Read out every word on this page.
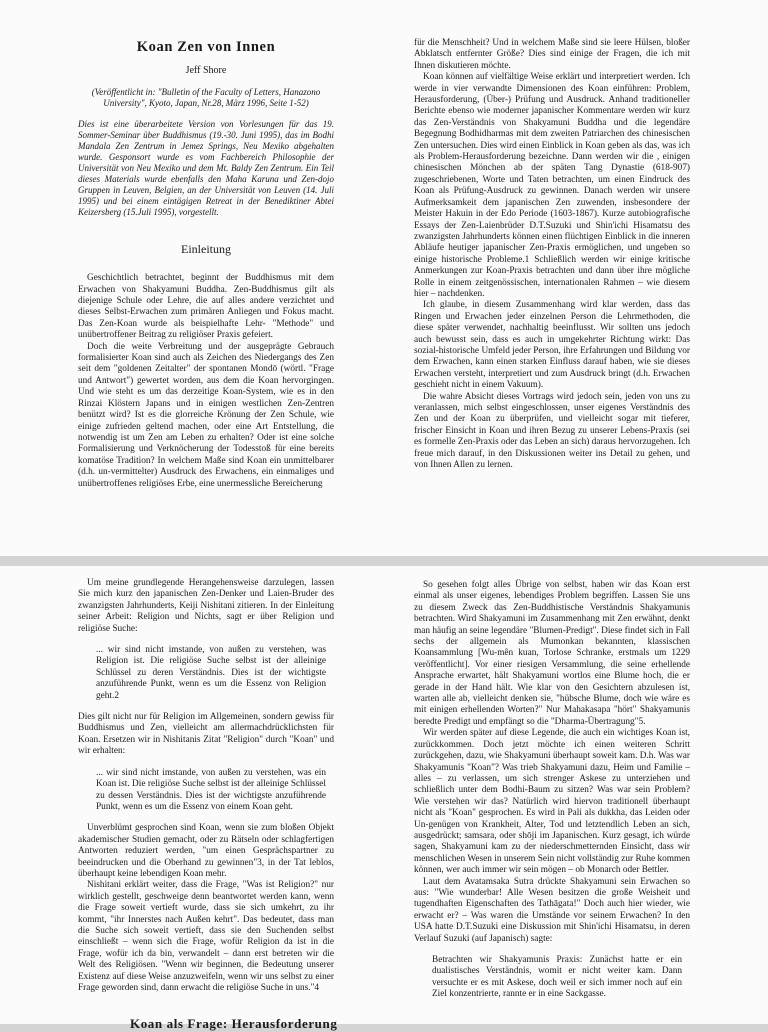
Koan Zen von Innen
Jeff Shore
(Veröffentlicht in: "Bulletin of the Faculty of Letters, Hanazono University", Kyoto, Japan, Nr.28, März 1996, Seite 1-52)
Dies ist eine überarbeitete Version von Vorlesungen für das 19. Sommer-Seminar über Buddhismus (19.-30. Juni 1995), das im Bodhi Mandala Zen Zentrum in Jemez Springs, Neu Mexiko abgehalten wurde. Gesponsort wurde es vom Fachbereich Philosophie der Universität von Neu Mexiko und dem Mt. Baldy Zen Zentrum. Ein Teil dieses Materials wurde ebenfalls den Maha Karuna und Zen-dojo Gruppen in Leuven, Belgien, an der Universität von Leuven (14. Juli 1995) und bei einem eintägigen Retreat in der Benediktiner Abtei Keizersberg (15.Juli 1995), vorgestellt.
Einleitung

Geschichtlich betrachtet, beginnt der Buddhismus mit dem Erwachen von Shakyamuni Buddha. Zen-Buddhismus gilt als diejenige Schule oder Lehre, die auf alles andere verzichtet und dieses Selbst-Erwachen zum primären Anliegen und Fokus macht. Das Zen-Koan wurde als beispielhafte Lehr- "Methode" und unübertroffener Beitrag zu religiöser Praxis gefeiert.

Doch die weite Verbreitung und der ausgeprägte Gebrauch formalisierter Koan sind auch als Zeichen des Niedergangs des Zen seit dem "goldenen Zeitalter" der spontanen Mondō (wörtl. "Frage und Antwort") gewertet worden, aus dem die Koan hervorgingen. Und wie steht es um das derzeitige Koan-System, wie es in den Rinzai Klöstern Japans und in einigen westlichen Zen-Zentren benützt wird? Ist es die glorreiche Krönung der Zen Schule, wie einige zufrieden geltend machen, oder eine Art Entstellung, die notwendig ist um Zen am Leben zu erhalten? Oder ist eine solche Formalisierung und Verknöcherung der Todesstoß für eine bereits komatöse Tradition? In welchem Maße sind Koan ein unmittelbarer (d.h. un-vermittelter) Ausdruck des Erwachens, ein einmaliges und unübertroffenes religiöses Erbe, eine unermessliche Bereicherung

für die Menschheit? Und in welchem Maße sind sie leere Hülsen, bloßer Abklatsch entfernter Größe? Dies sind einige der Fragen, die ich mit Ihnen diskutieren möchte.

Koan können auf vielfältige Weise erklärt und interpretiert werden. Ich werde in vier verwandte Dimensionen des Koan einführen: Problem, Herausforderung, (Über-) Prüfung und Ausdruck. Anhand traditioneller Berichte ebenso wie moderner japanischer Kommentare werden wir kurz das Zen-Verständnis von Shakyamuni Buddha und die legendäre Begegnung Bodhidharmas mit dem zweiten Patriarchen des chinesischen Zen untersuchen. Dies wird einen Einblick in Koan geben als das, was ich als Problem-Herausforderung bezeichne. Dann werden wir die , einigen chinesischen Mönchen ab der späten Tang Dynastie (618-907) zugeschriebenen, Worte und Taten betrachten, um einen Eindruck des Koan als Prüfung-Ausdruck zu gewinnen. Danach werden wir unsere Aufmerksamkeit dem japanischen Zen zuwenden, insbesondere der Meister Hakuin in der Edo Periode (1603-1867). Kurze autobiografische Essays der Zen-Laienbrüder D.T.Suzuki und Shin'ichi Hisamatsu des zwanzigsten Jahrhunderts können einen flüchtigen Einblick in die inneren Abläufe heutiger japanischer Zen-Praxis ermöglichen, und ungeben so einige historische Probleme.1 Schließlich werden wir einige kritische Anmerkungen zur Koan-Praxis betrachten und dann über ihre mögliche Rolle in einem zeitgenössischen, internationalen Rahmen – wie diesem hier – nachdenken.

Ich glaube, in diesem Zusammenhang wird klar werden, dass das Ringen und Erwachen jeder einzelnen Person die Lehrmethoden, die diese später verwendet, nachhaltig beeinflusst. Wir sollten uns jedoch auch bewusst sein, dass es auch in umgekehrter Richtung wirkt: Das sozial-historische Umfeld jeder Person, ihre Erfahrungen und Bildung vor dem Erwachen, kann einen starken Einfluss darauf haben, wie sie dieses Erwachen versteht, interpretiert und zum Ausdruck bringt (d.h. Erwachen geschieht nicht in einem Vakuum).

Die wahre Absicht dieses Vortrags wird jedoch sein, jeden von uns zu veranlassen, mich selbst eingeschlossen, unser eigenes Verständnis des Zen und der Koan zu überprüfen, und vielleicht sogar mit tieferer, frischer Einsicht in Koan und ihren Bezug zu unserer Lebens-Praxis (sei es formelle Zen-Praxis oder das Leben an sich) daraus hervorzugehen. Ich freue mich darauf, in den Diskussionen weiter ins Detail zu gehen, und von Ihnen Allen zu lernen.

Um meine grundlegende Herangehensweise darzulegen, lassen Sie mich kurz den japanischen Zen-Denker und Laien-Bruder des zwanzigsten Jahrhunderts, Keiji Nishitani zitieren. In der Einleitung seiner Arbeit: Religion und Nichts, sagt er über Religion und religiöse Suche:

... wir sind nicht imstande, von außen zu verstehen, was Religion ist. Die religiöse Suche selbst ist der alleinige Schlüssel zu deren Verständnis. Dies ist der wichtigste anzuführende Punkt, wenn es um die Essenz von Religion geht.2

Dies gilt nicht nur für Religion im Allgemeinen, sondern gewiss für Buddhismus und Zen, vielleicht am allermachdrücklichsten für Koan. Ersetzen wir in Nishitanis Zitat "Religion" durch "Koan" und wir erhalten:

... wir sind nicht imstande, von außen zu verstehen, was ein Koan ist. Die religiöse Suche selbst ist der alleinige Schlüssel zu dessen Verständnis. Dies ist der wichtigste anzuführende Punkt, wenn es um die Essenz von einem Koan geht.

Unverblümt gesprochen sind Koan, wenn sie zum bloßen Objekt akademischer Studien gemacht, oder zu Rätseln oder schlagfertigen Antworten reduziert werden, "um einen Gesprächspartner zu beeindrucken und die Oberhand zu gewinnen"3, in der Tat leblos, überhaupt keine lebendigen Koan mehr.

Nishitani erklärt weiter, dass die Frage, "Was ist Religion?" nur wirklich gestellt, geschweige denn beantwortet werden kann, wenn die Frage soweit vertieft wurde, dass sie sich umkehrt, zu ihr kommt, "ihr Innerstes nach Außen kehrt". Das bedeutet, dass man die Suche sich soweit vertieft, dass sie den Suchenden selbst einschließt – wenn sich die Frage, wofür Religion da ist in die Frage, wofür ich da bin, verwandelt – dann erst betreten wir die Welt des Religiösen. "Wenn wir beginnen, die Bedeutung unserer Existenz auf diese Weise anzuzweifeln, wenn wir uns selbst zu einer Frage geworden sind, dann erwacht die religiöse Suche in uns."4

So gesehen folgt alles Übrige von selbst, haben wir das Koan erst einmal als unser eigenes, lebendiges Problem begriffen. Lassen Sie uns zu diesem Zweck das Zen-Buddhistische Verständnis Shakyamunis betrachten. Wird Shakyamuni im Zusammenhang mit Zen erwähnt, denkt man häufig an seine legendäre "Blumen-Predigt". Diese findet sich in Fall sechs der allgemein als Mumonkan bekannten, klassischen Koansammlung [Wu-mên kuan, Torlose Schranke, erstmals um 1229 veröffentlicht]. Vor einer riesigen Versammlung, die seine erhellende Ansprache erwartet, hält Shakyamuni wortlos eine Blume hoch, die er gerade in der Hand hält. Wie klar von den Gesichtern abzulesen ist, warten alle ab, vielleicht denken sie, "hübsche Blume, doch wie wäre es mit einigen erhellenden Worten?" Nur Mahakasapa "hört" Shakyamunis beredte Predigt und empfängt so die "Dharma-Übertragung"5.

Wir werden später auf diese Legende, die auch ein wichtiges Koan ist, zurückkommen. Doch jetzt möchte ich einen weiteren Schritt zurückgehen, dazu, wie Shakyamuni überhaupt soweit kam. D.h. Was war Shakyamunis "Koan"? Was trieb Shakyamuni dazu, Heim und Familie – alles – zu verlassen, um sich strenger Askese zu unterziehen und schließlich unter dem Bodhi-Baum zu sitzen? Was war sein Problem? Wie verstehen wir das? Natürlich wird hiervon traditionell überhaupt nicht als "Koan" gesprochen. Es wird in Pali als dukkha, das Leiden oder Un-genügen von Krankheit, Alter, Tod und letztendlich Leben an sich, ausgedrückt; samsara, oder shōji im Japanischen. Kurz gesagt, ich würde sagen, Shakyamuni kam zu der niederschmetternden Einsicht, dass wir menschlichen Wesen in unserem Sein nicht vollständig zur Ruhe kommen können, wer auch immer wir sein mögen – ob Monarch oder Bettler.

Laut dem Avatamsaka Sutra drückte Shakyamuni sein Erwachen so aus: "Wie wunderbar! Alle Wesen besitzen die große Weisheit und tugendhaften Eigenschaften des Tathāgata!" Doch auch hier wieder, wie erwacht er? – Was waren die Umstände vor seinem Erwachen? In den USA hatte D.T.Suzuki eine Diskussion mit Shin'ichi Hisamatsu, in deren Verlauf Suzuki (auf Japanisch) sagte:

Betrachten wir Shakyamunis Praxis: Zunächst hatte er ein dualistisches Verständnis, womit er nicht weiter kam. Dann versuchte er es mit Askese, doch weil er sich immer noch auf ein Ziel konzentrierte, rannte er in eine Sackgasse.

Koan als Frage: Herausforderung
